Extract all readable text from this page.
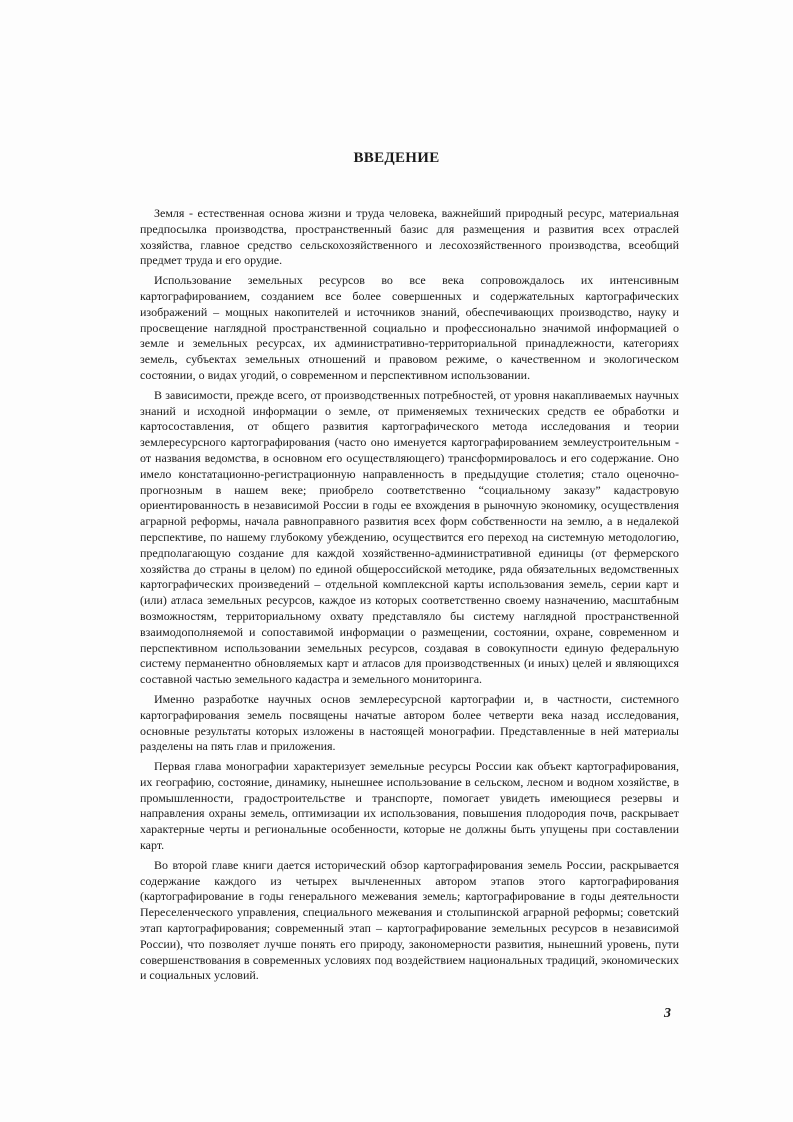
ВВЕДЕНИЕ

Земля - естественная основа жизни и труда человека, важнейший природный ресурс, материальная предпосылка производства, пространственный базис для размещения и развития всех отраслей хозяйства, главное средство сельскохозяйственного и лесохозяйственного производства, всеобщий предмет труда и его орудие.

Использование земельных ресурсов во все века сопровождалось их интенсивным картографированием, созданием все более совершенных и содержательных картографических изображений – мощных накопителей и источников знаний, обеспечивающих производство, науку и просвещение наглядной пространственной социально и профессионально значимой информацией о земле и земельных ресурсах, их административно-территориальной принадлежности, категориях земель, субъектах земельных отношений и правовом режиме, о качественном и экологическом состоянии, о видах угодий, о современном и перспективном использовании.

В зависимости, прежде всего, от производственных потребностей, от уровня накапливаемых научных знаний и исходной информации о земле, от применяемых технических средств ее обработки и картосоставления, от общего развития картографического метода исследования и теории землересурсного картографирования (часто оно именуется картографированием землеустроительным - от названия ведомства, в основном его осуществляющего) трансформировалось и его содержание. Оно имело констатационно-регистрационную направленность в предыдущие столетия; стало оценочно-прогнозным в нашем веке; приобрело соответственно “социальному заказу” кадастровую ориентированность в независимой России в годы ее вхождения в рыночную экономику, осуществления аграрной реформы, начала равноправного развития всех форм собственности на землю, а в недалекой перспективе, по нашему глубокому убеждению, осуществится его переход на системную методологию, предполагающую создание для каждой хозяйственно-административной единицы (от фермерского хозяйства до страны в целом) по единой общероссийской методике, ряда обязательных ведомственных картографических произведений – отдельной комплексной карты использования земель, серии карт и (или) атласа земельных ресурсов, каждое из которых соответственно своему назначению, масштабным возможностям, территориальному охвату представляло бы систему наглядной пространственной взаимодополняемой и сопоставимой информации о размещении, состоянии, охране, современном и перспективном использовании земельных ресурсов, создавая в совокупности единую федеральную систему перманентно обновляемых карт и атласов для производственных (и иных) целей и являющихся составной частью земельного кадастра и земельного мониторинга.

Именно разработке научных основ землересурсной картографии и, в частности, системного картографирования земель посвящены начатые автором более четверти века назад исследования, основные результаты которых изложены в настоящей монографии. Представленные в ней материалы разделены на пять глав и приложения.

Первая глава монографии характеризует земельные ресурсы России как объект картографирования, их географию, состояние, динамику, нынешнее использование в сельском, лесном и водном хозяйстве, в промышленности, градостроительстве и транспорте, помогает увидеть имеющиеся резервы и направления охраны земель, оптимизации их использования, повышения плодородия почв, раскрывает характерные черты и региональные особенности, которые не должны быть упущены при составлении карт.

Во второй главе книги дается исторический обзор картографирования земель России, раскрывается содержание каждого из четырех вычлененных автором этапов этого картографирования (картографирование в годы генерального межевания земель; картографирование в годы деятельности Переселенческого управления, специального межевания и столыпинской аграрной реформы; советский этап картографирования; современный этап – картографирование земельных ресурсов в независимой России), что позволяет лучше понять его природу, закономерности развития, нынешний уровень, пути совершенствования в современных условиях под воздействием национальных традиций, экономических и социальных условий.

3
